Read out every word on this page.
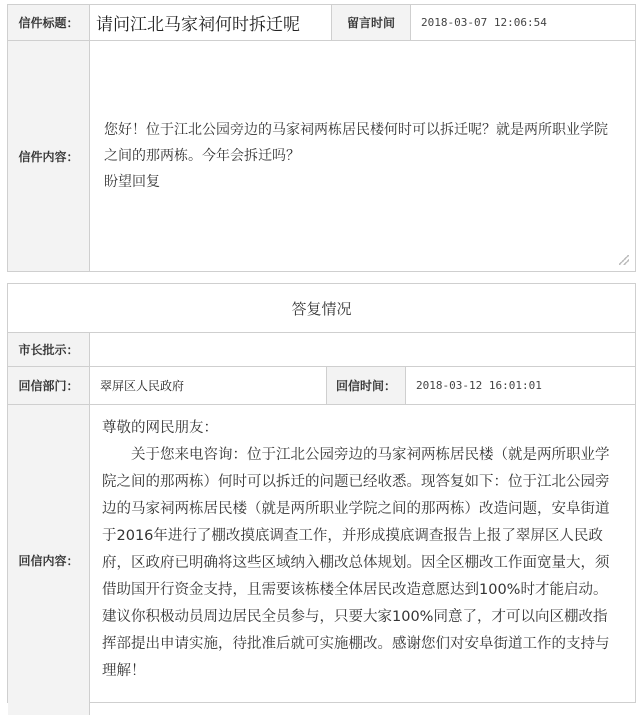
信件标题：	请问江北马家祠何时拆迁呢	留言时间	2018-03-07 12:06:54
信件内容：

您好！位于江北公园旁边的马家祠两栋居民楼何时可以拆迁呢？就是两所职业学院之间的那两栋。今年会拆迁吗？

盼望回复

答复情况
市长批示：
回信部门：	翠屏区人民政府	回信时间：	2018-03-12 16:01:01
回信内容：

尊敬的网民朋友：

关于您来电咨询：位于江北公园旁边的马家祠两栋居民楼（就是两所职业学院之间的那两栋）何时可以拆迁的问题已经收悉。现答复如下：位于江北公园旁边的马家祠两栋居民楼（就是两所职业学院之间的那两栋）改造问题，安阜街道于2016年进行了棚改摸底调查工作，并形成摸底调查报告上报了翠屏区人民政府，区政府已明确将这些区域纳入棚改总体规划。因全区棚改工作面宽量大，须借助国开行资金支持，且需要该栋楼全体居民改造意愿达到100%时才能启动。建议你积极动员周边居民全员参与，只要大家100%同意了，才可以向区棚改指挥部提出申请实施，待批准后就可实施棚改。感谢您们对安阜街道工作的支持与理解！
